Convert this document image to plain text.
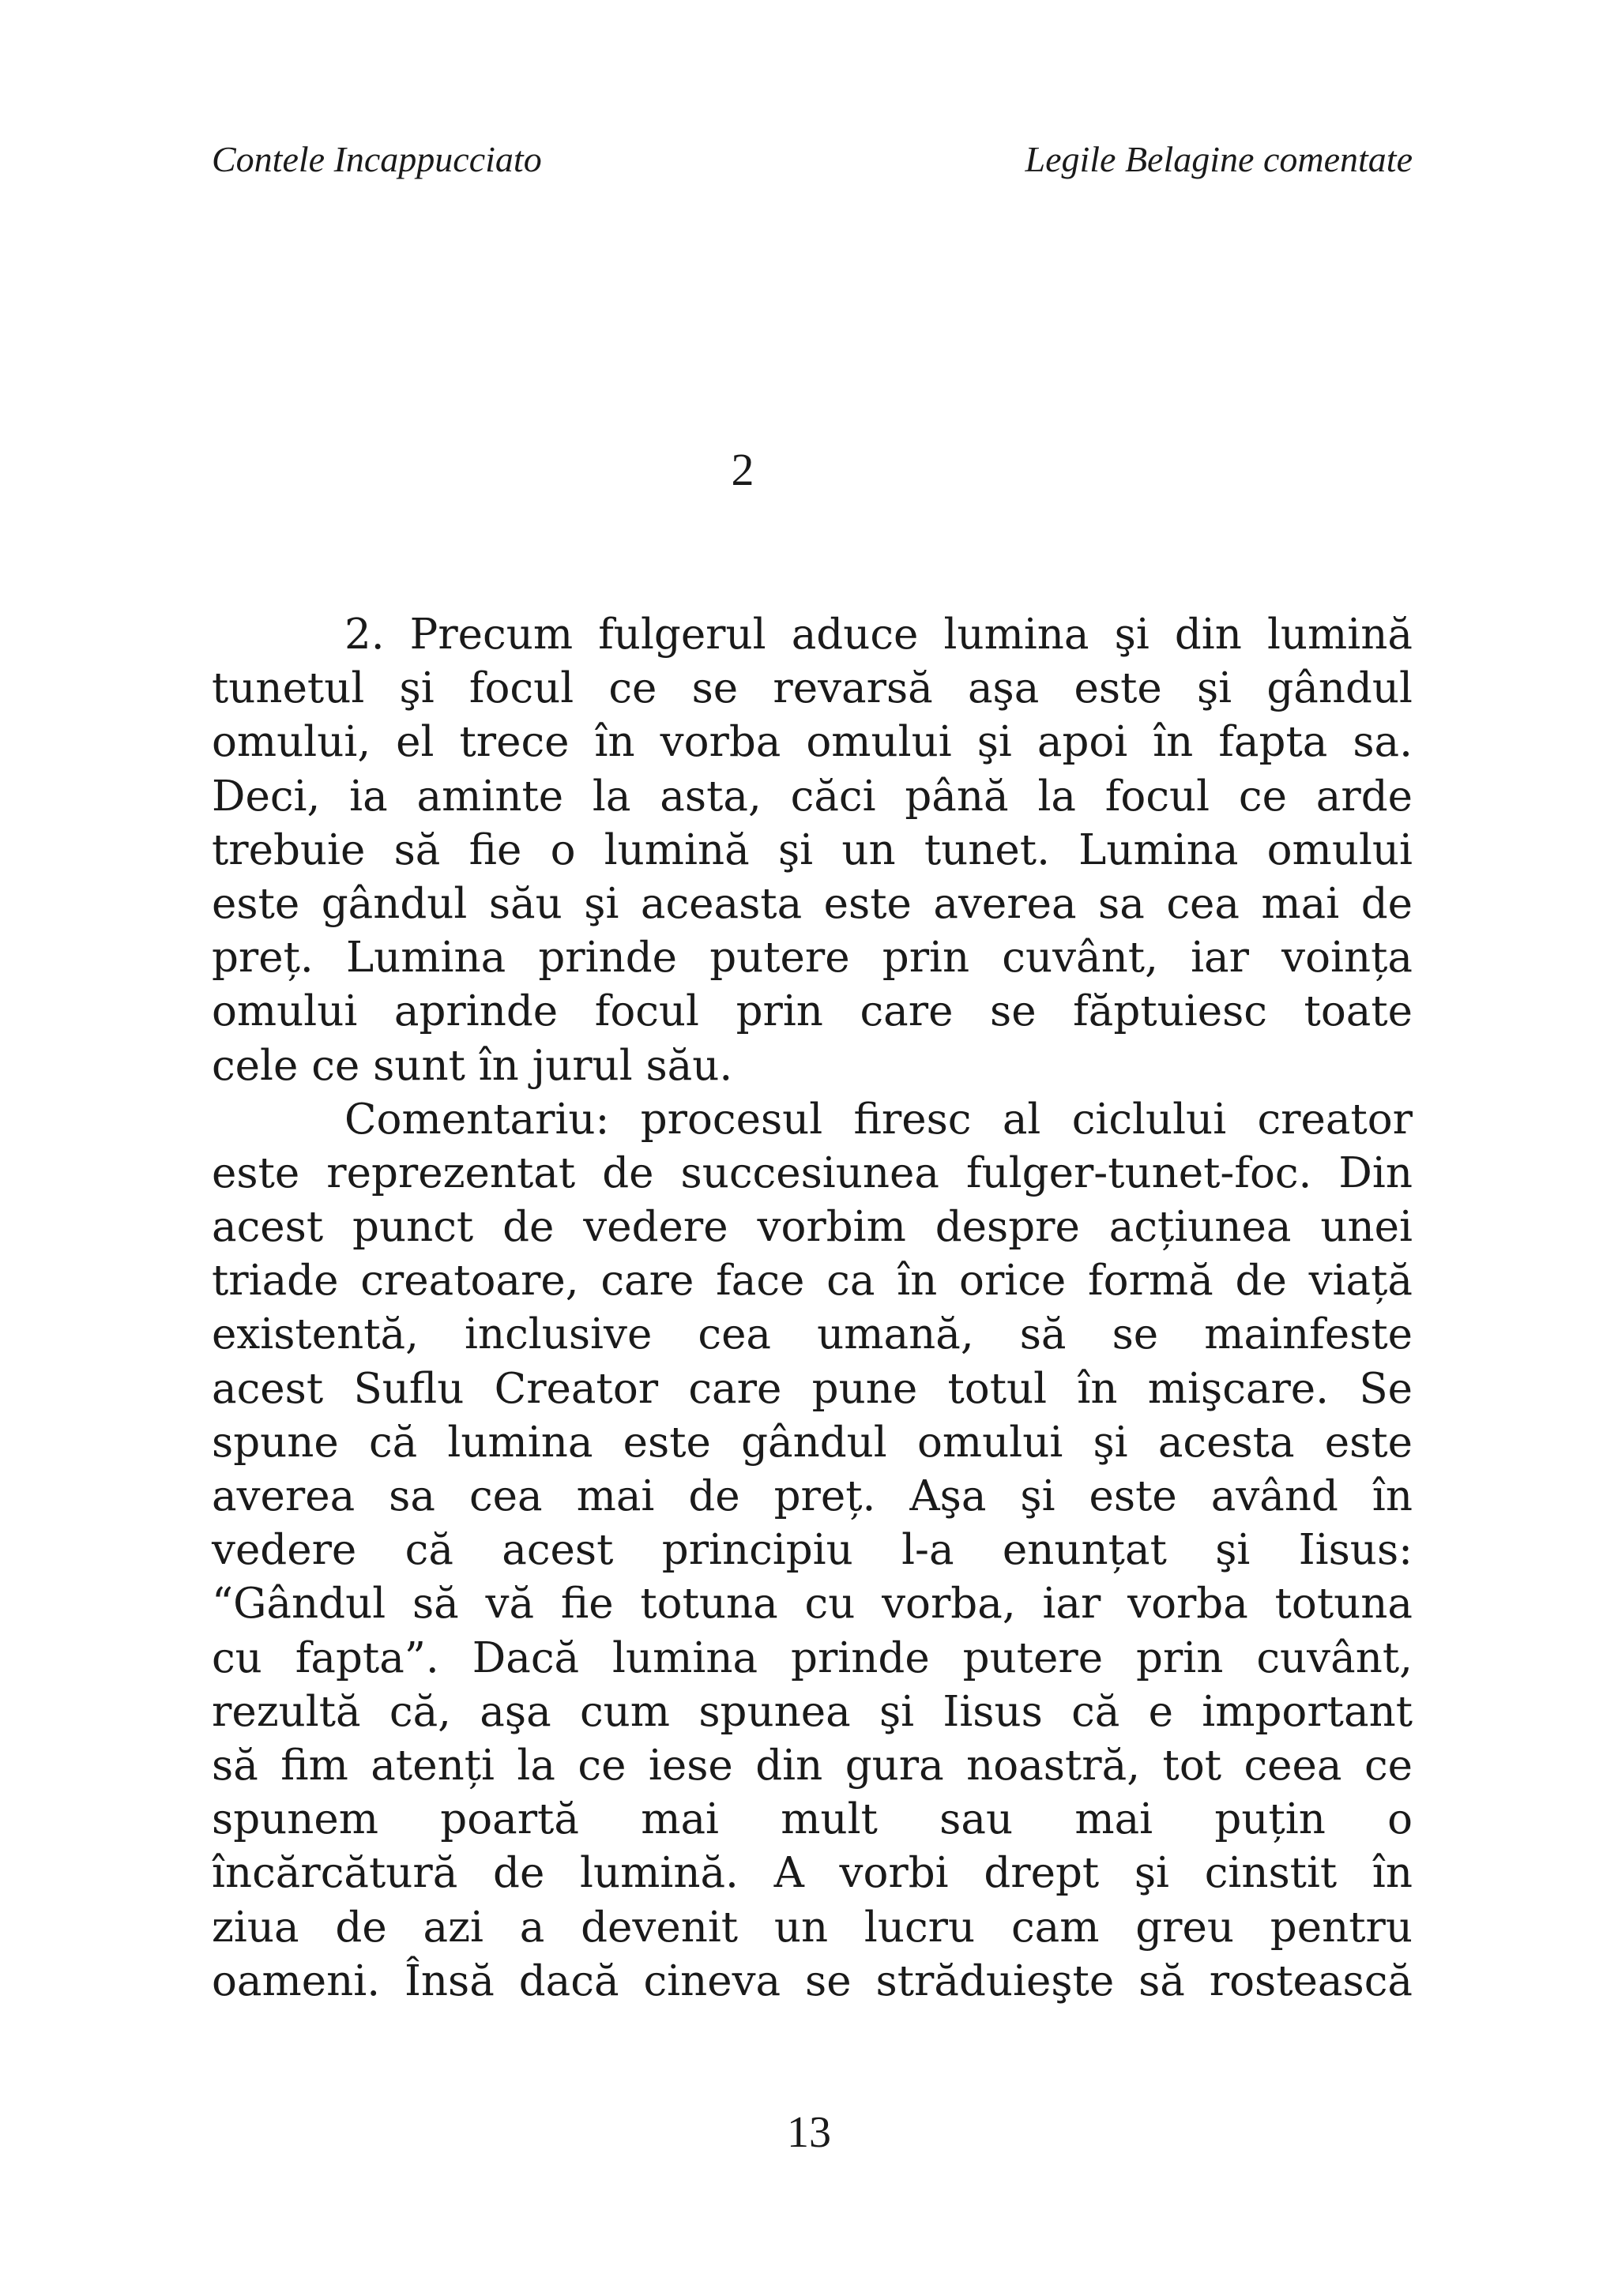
Contele Incappucciato	Legile Belagine comentate
2
2. Precum fulgerul aduce lumina şi din lumină
tunetul şi focul ce se revarsă aşa este şi gândul
omului, el trece în vorba omului şi apoi în fapta sa.
Deci, ia aminte la asta, căci până la focul ce arde
trebuie să fie o lumină şi un tunet. Lumina omului
este gândul său şi aceasta este averea sa cea mai de
preț. Lumina prinde putere prin cuvânt, iar voința
omului aprinde focul prin care se făptuiesc toate
cele ce sunt în jurul său.
Comentariu: procesul firesc al ciclului creator
este reprezentat de succesiunea fulger-tunet-foc. Din
acest punct de vedere vorbim despre acțiunea unei
triade creatoare, care face ca în orice formă de viață
existentă, inclusive cea umană, să se mainfeste
acest Suflu Creator care pune totul în mişcare. Se
spune că lumina este gândul omului şi acesta este
averea sa cea mai de preț. Aşa şi este având în
vedere că acest principiu l-a enunțat şi Iisus:
“Gândul să vă fie totuna cu vorba, iar vorba totuna
cu fapta”. Dacă lumina prinde putere prin cuvânt,
rezultă că, aşa cum spunea şi Iisus că e important
să fim atenți la ce iese din gura noastră, tot ceea ce
spunem poartă mai mult sau mai puțin o
încărcătură de lumină. A vorbi drept şi cinstit în
ziua de azi a devenit un lucru cam greu pentru
oameni. Însă dacă cineva se străduieşte să rostească
13
